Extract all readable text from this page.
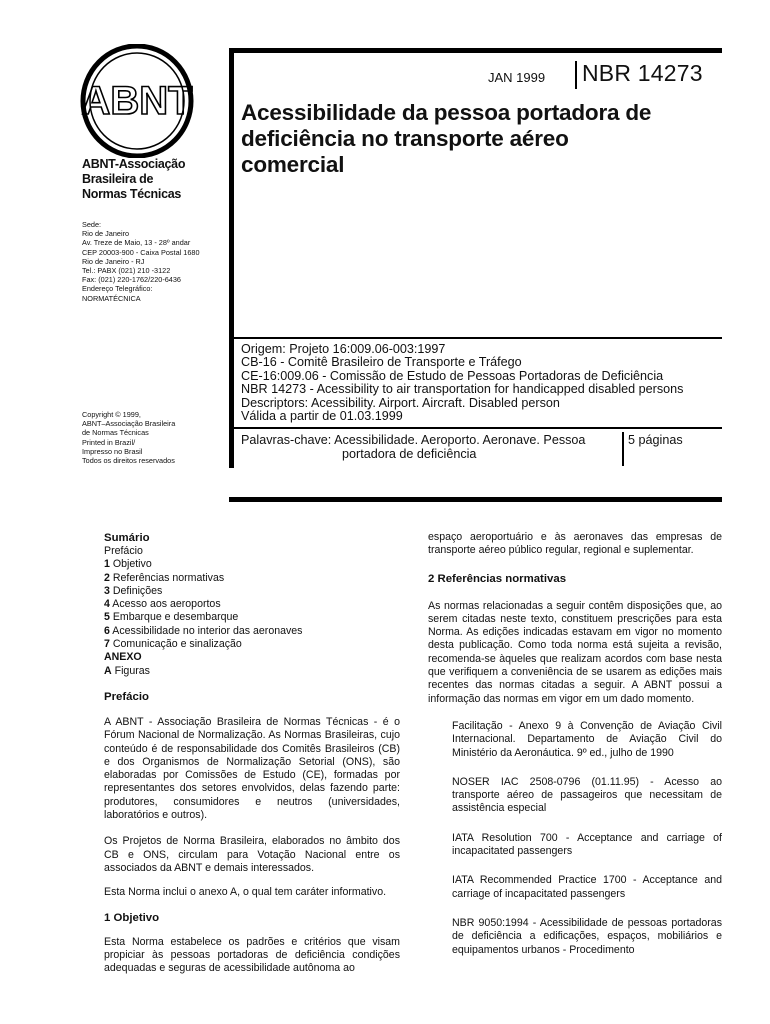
ABNT
ABNT-Associação
Brasileira de
Normas Técnicas
Sede:
Rio de Janeiro
Av. Treze de Maio, 13 - 28º andar
CEP 20003-900 - Caixa Postal 1680
Rio de Janeiro - RJ
Tel.: PABX (021) 210 -3122
Fax: (021) 220-1762/220-6436
Endereço Telegráfico:
NORMATÉCNICA
Copyright © 1999,
ABNT–Associação Brasileira
de Normas Técnicas
Printed in Brazil/
Impresso no Brasil
Todos os direitos reservados
JAN 1999 NBR 14273
Acessibilidade da pessoa portadora de
deficiência no transporte aéreo
comercial
Origem: Projeto 16:009.06-003:1997
CB-16 - Comitê Brasileiro de Transporte e Tráfego
CE-16:009.06 - Comissão de Estudo de Pessoas Portadoras de Deficiência
NBR 14273 - Acessibility to air transportation for handicapped disabled persons
Descriptors: Acessibility. Airport. Aircraft. Disabled person
Válida a partir de 01.03.1999
Palavras-chave: Acessibilidade. Aeroporto. Aeronave. Pessoa
portadora de deficiência
5 páginas
Sumário
Prefácio
1 Objetivo
2 Referências normativas
3 Definições
4 Acesso aos aeroportos
5 Embarque e desembarque
6 Acessibilidade no interior das aeronaves
7 Comunicação e sinalização
ANEXO
A Figuras
Prefácio

A ABNT - Associação Brasileira de Normas Técnicas - é o Fórum Nacional de Normalização. As Normas Brasileiras, cujo conteúdo é de responsabilidade dos Comitês Brasileiros (CB) e dos Organismos de Normalização Setorial (ONS), são elaboradas por Comissões de Estudo (CE), formadas por representantes dos setores envolvidos, delas fazendo parte: produtores, consumidores e neutros (universidades, laboratórios e outros).

Os Projetos de Norma Brasileira, elaborados no âmbito dos CB e ONS, circulam para Votação Nacional entre os associados da ABNT e demais interessados.

Esta Norma inclui o anexo A, o qual tem caráter informativo.

1 Objetivo

Esta Norma estabelece os padrões e critérios que visam propiciar às pessoas portadoras de deficiência condições adequadas e seguras de acessibilidade autônoma ao

espaço aeroportuário e às aeronaves das empresas de transporte aéreo público regular, regional e suplementar.

2 Referências normativas

As normas relacionadas a seguir contêm disposições que, ao serem citadas neste texto, constituem prescrições para esta Norma. As edições indicadas estavam em vigor no momento desta publicação. Como toda norma está sujeita a revisão, recomenda-se àqueles que realizam acordos com base nesta que verifiquem a conveniência de se usarem as edições mais recentes das normas citadas a seguir. A ABNT possui a informação das normas em vigor em um dado momento.

Facilitação - Anexo 9 à Convenção de Aviação Civil Internacional. Departamento de Aviação Civil do Ministério da Aeronáutica. 9º ed., julho de 1990

NOSER IAC 2508-0796 (01.11.95) - Acesso ao transporte aéreo de passageiros que necessitam de assistência especial

IATA Resolution 700 - Acceptance and carriage of incapacitated passengers

IATA Recommended Practice 1700 - Acceptance and carriage of incapacitated passengers

NBR 9050:1994 - Acessibilidade de pessoas portadoras de deficiência a edificações, espaços, mobiliários e equipamentos urbanos - Procedimento
